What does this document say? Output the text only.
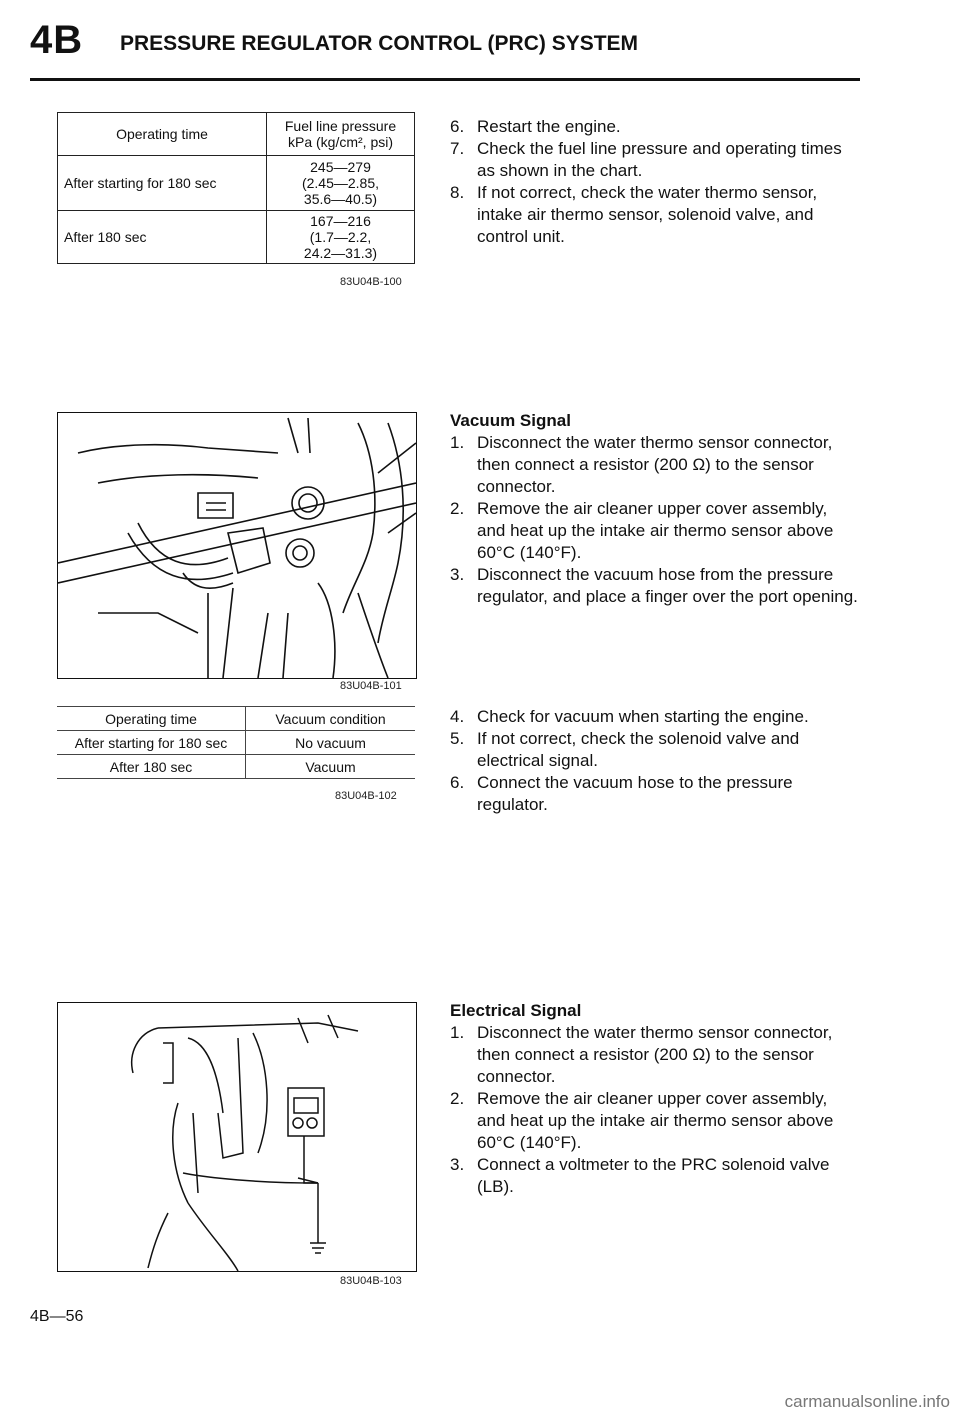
4B PRESSURE REGULATOR CONTROL (PRC) SYSTEM
Operating time	Fuel line pressure
kPa (kg/cm², psi)
After starting for 180 sec	245—279
(2.45—2.85,
35.6—40.5)
After 180 sec	167—216
(1.7—2.2,
24.2—31.3)
83U04B-100
6. Restart the engine.
7. Check the fuel line pressure and operating times as shown in the chart.
8. If not correct, check the water thermo sensor, intake air thermo sensor, solenoid valve, and control unit.
83U04B-101
Vacuum Signal
1. Disconnect the water thermo sensor connector, then connect a resistor (200 Ω) to the sensor connector.
2. Remove the air cleaner upper cover assembly, and heat up the intake air thermo sensor above 60°C (140°F).
3. Disconnect the vacuum hose from the pressure regulator, and place a finger over the port opening.
Operating time	Vacuum condition
After starting for 180 sec	No vacuum
After 180 sec	Vacuum
83U04B-102
4. Check for vacuum when starting the engine.
5. If not correct, check the solenoid valve and electrical signal.
6. Connect the vacuum hose to the pressure regulator.
83U04B-103
Electrical Signal
1. Disconnect the water thermo sensor connector, then connect a resistor (200 Ω) to the sensor connector.
2. Remove the air cleaner upper cover assembly, and heat up the intake air thermo sensor above 60°C (140°F).
3. Connect a voltmeter to the PRC solenoid valve (LB).
4B—56
carmanualsonline.info
